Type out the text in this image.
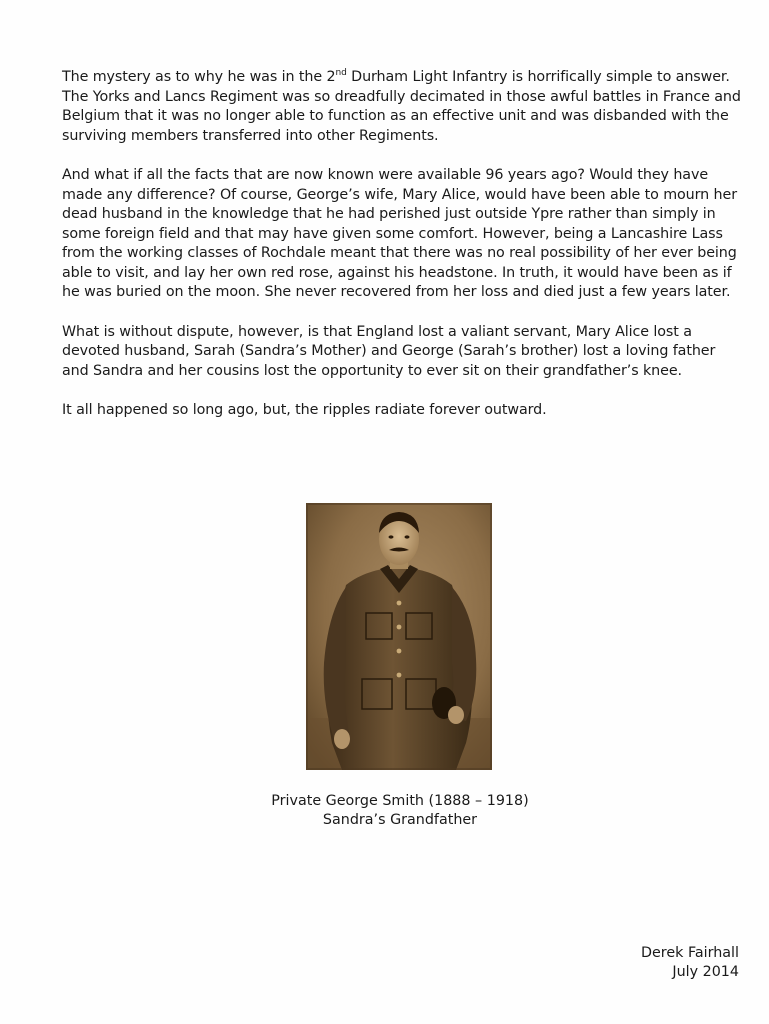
The mystery as to why he was in the 2nd Durham Light Infantry is horrifically simple to answer. The Yorks and Lancs Regiment was so dreadfully decimated in those awful battles in France and Belgium that it was no longer able to function as an effective unit and was disbanded with the surviving members transferred into other Regiments.

And what if all the facts that are now known were available 96 years ago? Would they have made any difference? Of course, George’s wife, Mary Alice, would have been able to mourn her dead husband in the knowledge that he had perished just outside Ypre rather than simply in some foreign field and that may have given some comfort. However, being a Lancashire Lass from the working classes of Rochdale meant that there was no real possibility of her ever being able to visit, and lay her own red rose, against his headstone. In truth, it would have been as if he was buried on the moon. She never recovered from her loss and died just a few years later.

What is without dispute, however, is that England lost a valiant servant, Mary Alice lost a devoted husband, Sarah (Sandra’s Mother) and George (Sarah’s brother) lost a loving father and Sandra and her cousins lost the opportunity to ever sit on their grandfather’s knee.

It all happened so long ago, but, the ripples radiate forever outward.

Private George Smith (1888 – 1918)
Sandra’s Grandfather
Derek Fairhall
July 2014
